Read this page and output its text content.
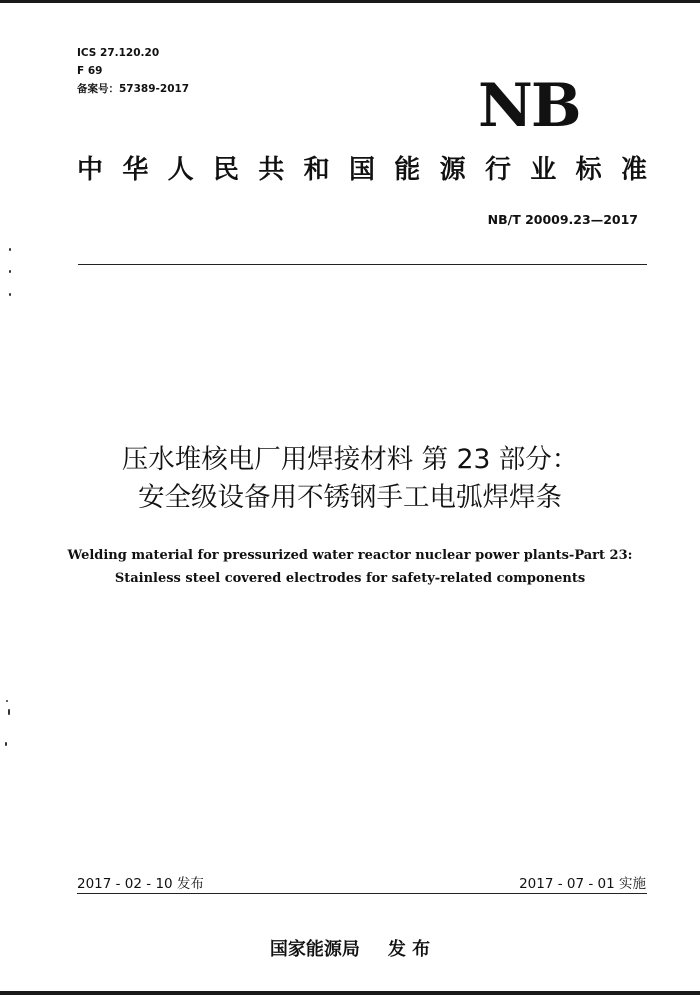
ICS 27.120.20
F 69
备案号：57389-2017	NB
中 华 人 民 共 和 国 能 源 行 业 标 准
NB/T 20009.23—2017
压水堆核电厂用焊接材料 第 23 部分：
安全级设备用不锈钢手工电弧焊焊条
Welding material for pressurized water reactor nuclear power plants-Part 23:
Stainless steel covered electrodes for safety-related components
2017 - 02 - 10 发布	2017 - 07 - 01 实施
国家能源局 发 布
